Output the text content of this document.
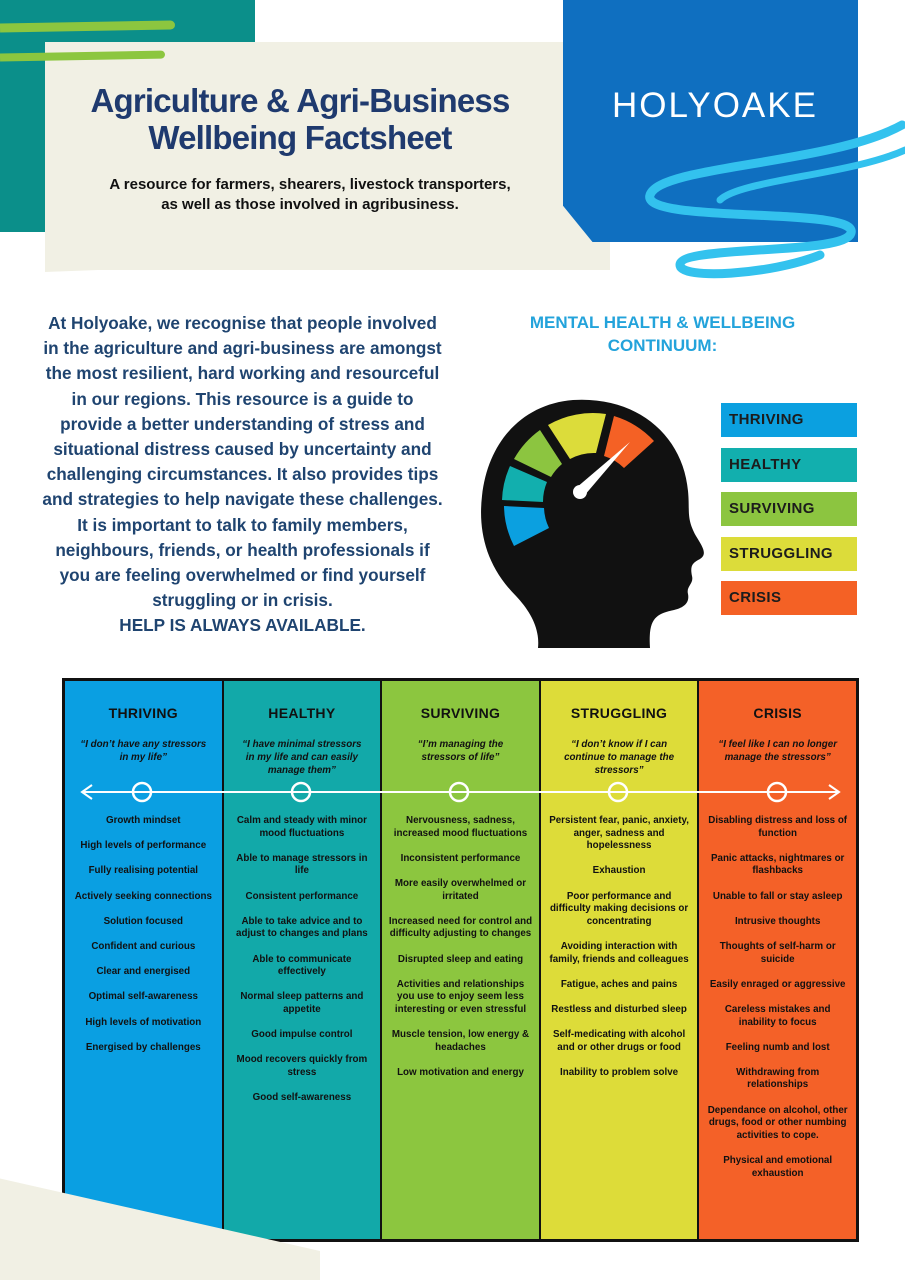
HOLYOAKE
Agriculture & Agri-Business
Wellbeing Factsheet

A resource for farmers, shearers, livestock transporters,
as well as those involved in agribusiness.

At Holyoake, we recognise that people involved in the agriculture and agri-business are amongst the most resilient, hard working and resourceful in our regions. This resource is a guide to provide a better understanding of stress and situational distress caused by uncertainty and challenging circumstances. It also provides tips and strategies to help navigate these challenges. It is important to talk to family members, neighbours, friends, or health professionals if you are feeling overwhelmed or find yourself struggling or in crisis.
HELP IS ALWAYS AVAILABLE.
MENTAL HEALTH & WELLBEING
CONTINUUM:
THRIVING
HEALTHY
SURVIVING
STRUGGLING
CRISIS
THRIVING
“I don’t have any stressors in my life”
Growth mindset
High levels of performance
Fully realising potential
Actively seeking connections
Solution focused
Confident and curious
Clear and energised
Optimal self-awareness
High levels of motivation
Energised by challenges
HEALTHY
“I have minimal stressors in my life and can easily manage them”
Calm and steady with minor mood fluctuations
Able to manage stressors in life
Consistent performance
Able to take advice and to adjust to changes and plans
Able to communicate effectively
Normal sleep patterns and appetite
Good impulse control
Mood recovers quickly from stress
Good self-awareness
SURVIVING
“I’m managing the stressors of life”
Nervousness, sadness, increased mood fluctuations
Inconsistent performance
More easily overwhelmed or irritated
Increased need for control and difficulty adjusting to changes
Disrupted sleep and eating
Activities and relationships you use to enjoy seem less interesting or even stressful
Muscle tension, low energy & headaches
Low motivation and energy
STRUGGLING
“I don’t know if I can continue to manage the stressors”
Persistent fear, panic, anxiety, anger, sadness and hopelessness
Exhaustion
Poor performance and difficulty making decisions or concentrating
Avoiding interaction with family, friends and colleagues
Fatigue, aches and pains
Restless and disturbed sleep
Self-medicating with alcohol and or other drugs or food
Inability to problem solve
CRISIS
“I feel like I can no longer manage the stressors”
Disabling distress and loss of function
Panic attacks, nightmares or flashbacks
Unable to fall or stay asleep
Intrusive thoughts
Thoughts of self-harm or suicide
Easily enraged or aggressive
Careless mistakes and inability to focus
Feeling numb and lost
Withdrawing from relationships
Dependance on alcohol, other drugs, food or other numbing activities to cope.
Physical and emotional exhaustion
